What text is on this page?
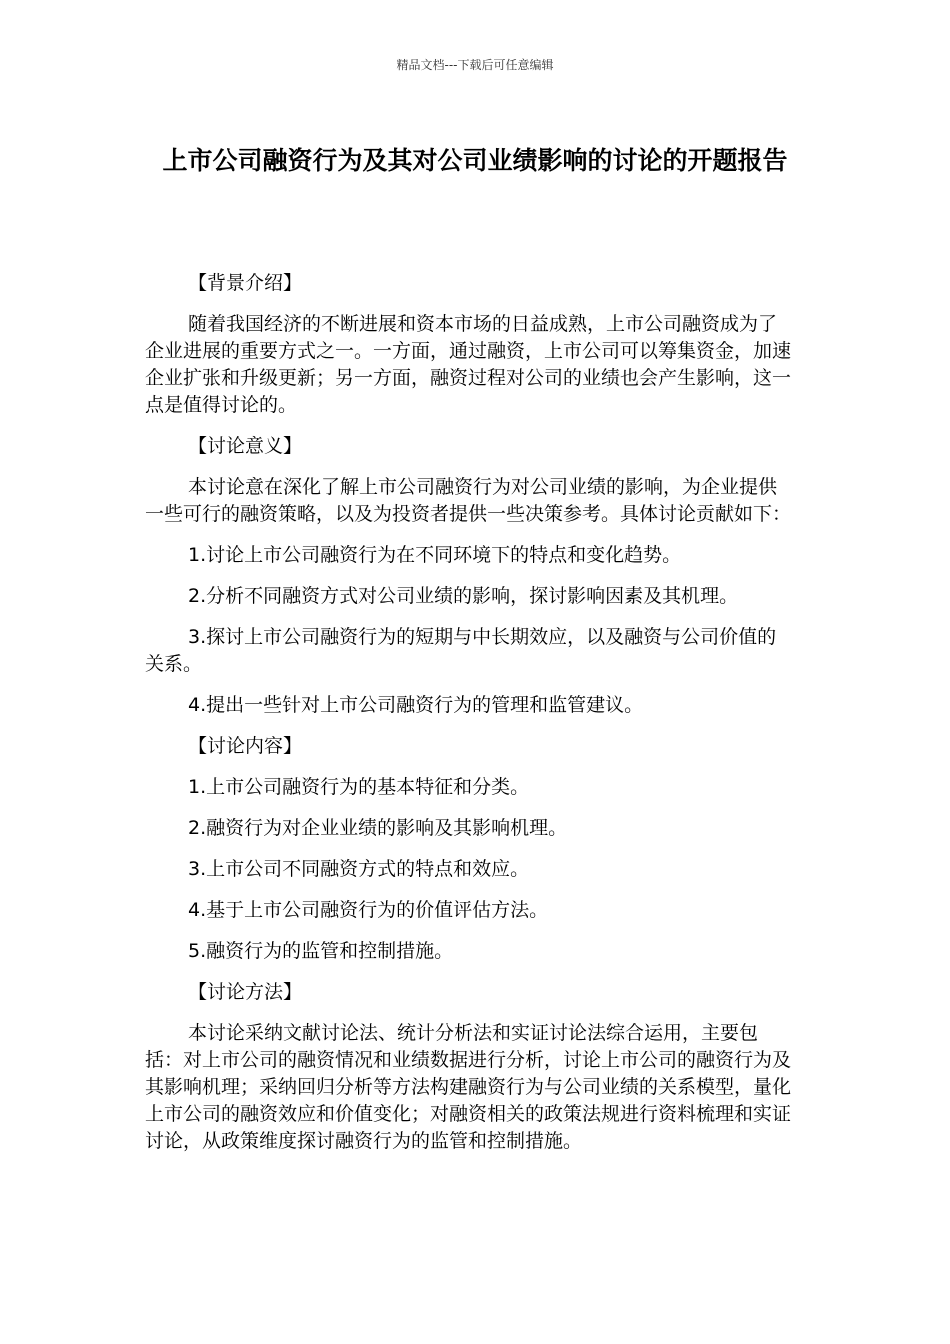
精品文档---下载后可任意编辑
上市公司融资行为及其对公司业绩影响的讨论的开题报告

【背景介绍】

随着我国经济的不断进展和资本市场的日益成熟，上市公司融资成为了企业进展的重要方式之一。一方面，通过融资，上市公司可以筹集资金，加速企业扩张和升级更新；另一方面，融资过程对公司的业绩也会产生影响，这一点是值得讨论的。

【讨论意义】

本讨论意在深化了解上市公司融资行为对公司业绩的影响，为企业提供一些可行的融资策略，以及为投资者提供一些决策参考。具体讨论贡献如下：

1.讨论上市公司融资行为在不同环境下的特点和变化趋势。

2.分析不同融资方式对公司业绩的影响，探讨影响因素及其机理。

3.探讨上市公司融资行为的短期与中长期效应，以及融资与公司价值的关系。

4.提出一些针对上市公司融资行为的管理和监管建议。

【讨论内容】

1.上市公司融资行为的基本特征和分类。

2.融资行为对企业业绩的影响及其影响机理。

3.上市公司不同融资方式的特点和效应。

4.基于上市公司融资行为的价值评估方法。

5.融资行为的监管和控制措施。

【讨论方法】

本讨论采纳文献讨论法、统计分析法和实证讨论法综合运用，主要包括：对上市公司的融资情况和业绩数据进行分析，讨论上市公司的融资行为及其影响机理；采纳回归分析等方法构建融资行为与公司业绩的关系模型，量化上市公司的融资效应和价值变化；对融资相关的政策法规进行资料梳理和实证讨论，从政策维度探讨融资行为的监管和控制措施。
